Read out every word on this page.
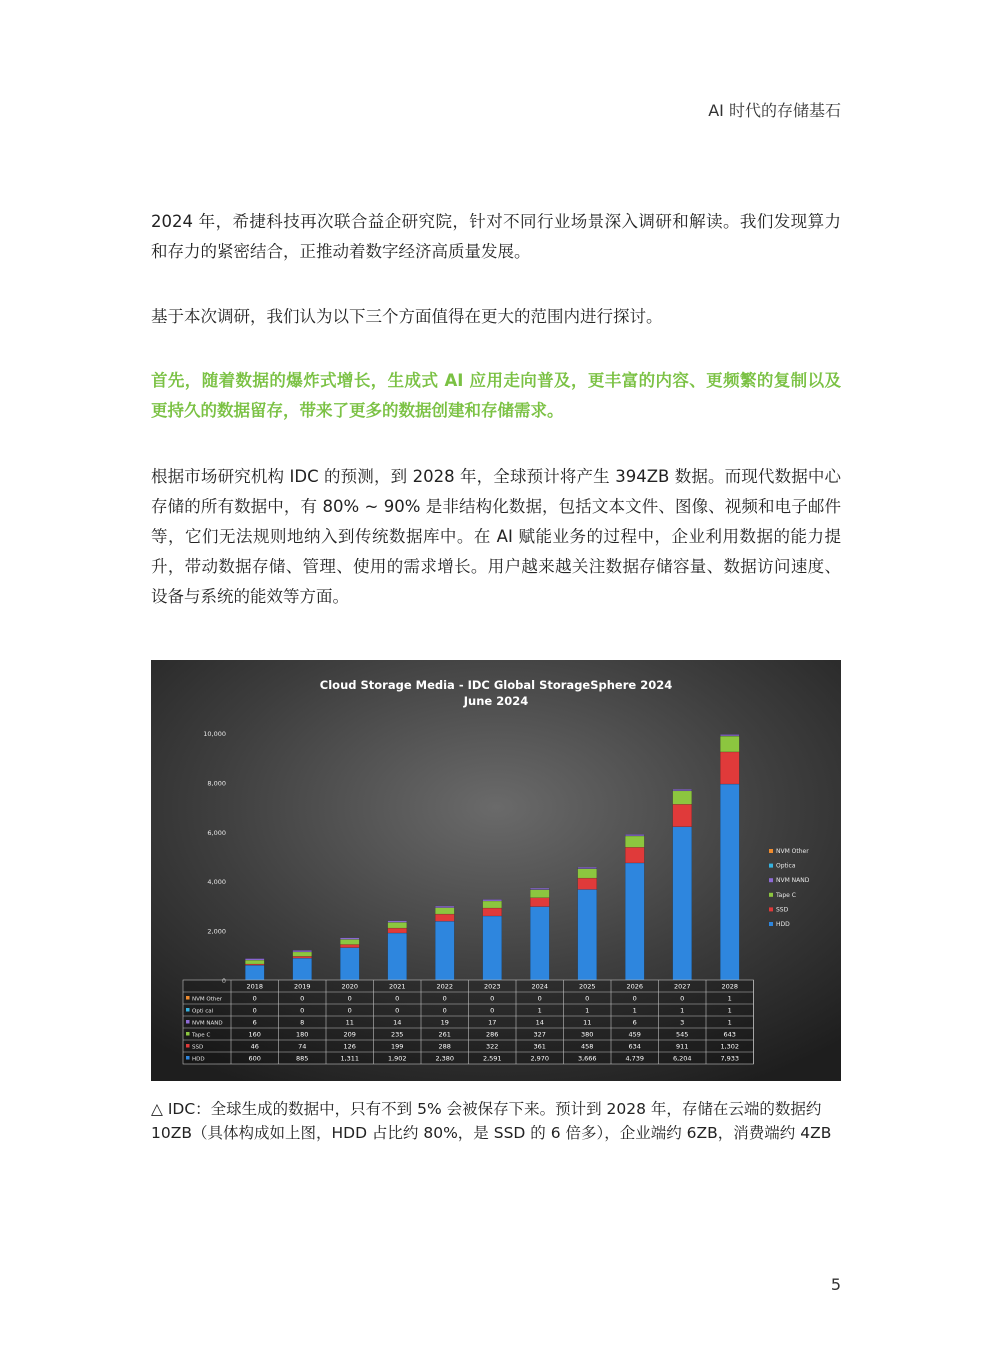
AI 时代的存储基石

2024 年，希捷科技再次联合益企研究院，针对不同行业场景深入调研和解读。我们发现算力和存力的紧密结合，正推动着数字经济高质量发展。

基于本次调研，我们认为以下三个方面值得在更大的范围内进行探讨。

首先，随着数据的爆炸式增长，生成式 AI 应用走向普及，更丰富的内容、更频繁的复制以及更持久的数据留存，带来了更多的数据创建和存储需求。

根据市场研究机构 IDC 的预测，到 2028 年，全球预计将产生 394ZB 数据。而现代数据中心存储的所有数据中，有 80% ~ 90% 是非结构化数据，包括文本文件、图像、视频和电子邮件等，它们无法规则地纳入到传统数据库中。在 AI 赋能业务的过程中，企业利用数据的能力提升，带动数据存储、管理、使用的需求增长。用户越来越关注数据存储容量、数据访问速度、设备与系统的能效等方面。

Cloud Storage Media - IDC Global StorageSphere 2024
June 2024
2,000
4,000
6,000
8,000
10,000
NVM Other
Optica
NVM NAND
Tape C
SSD
HDD
2018	2019	2020	2021	2022	2023	2024	2025	2026	2027	2028
NVM Other	0	0	0	0	0	0	0	0	0	0	1
Opti cal	0	0	0	0	0	0	1	1	1	1	1
NVM NAND	6	8	11	14	19	17	14	11	6	3	1
Tape C	160	180	209	235	261	286	327	380	459	545	643
SSD	46	74	126	199	288	322	361	458	634	911	1,302
HDD	600	885	1,311	1,902	2,380	2,591	2,970	3,666	4,739	6,204	7,933

△ IDC：全球生成的数据中，只有不到 5% 会被保存下来。预计到 2028 年，存储在云端的数据约 10ZB（具体构成如上图，HDD 占比约 80%，是 SSD 的 6 倍多），企业端约 6ZB，消费端约 4ZB

5
